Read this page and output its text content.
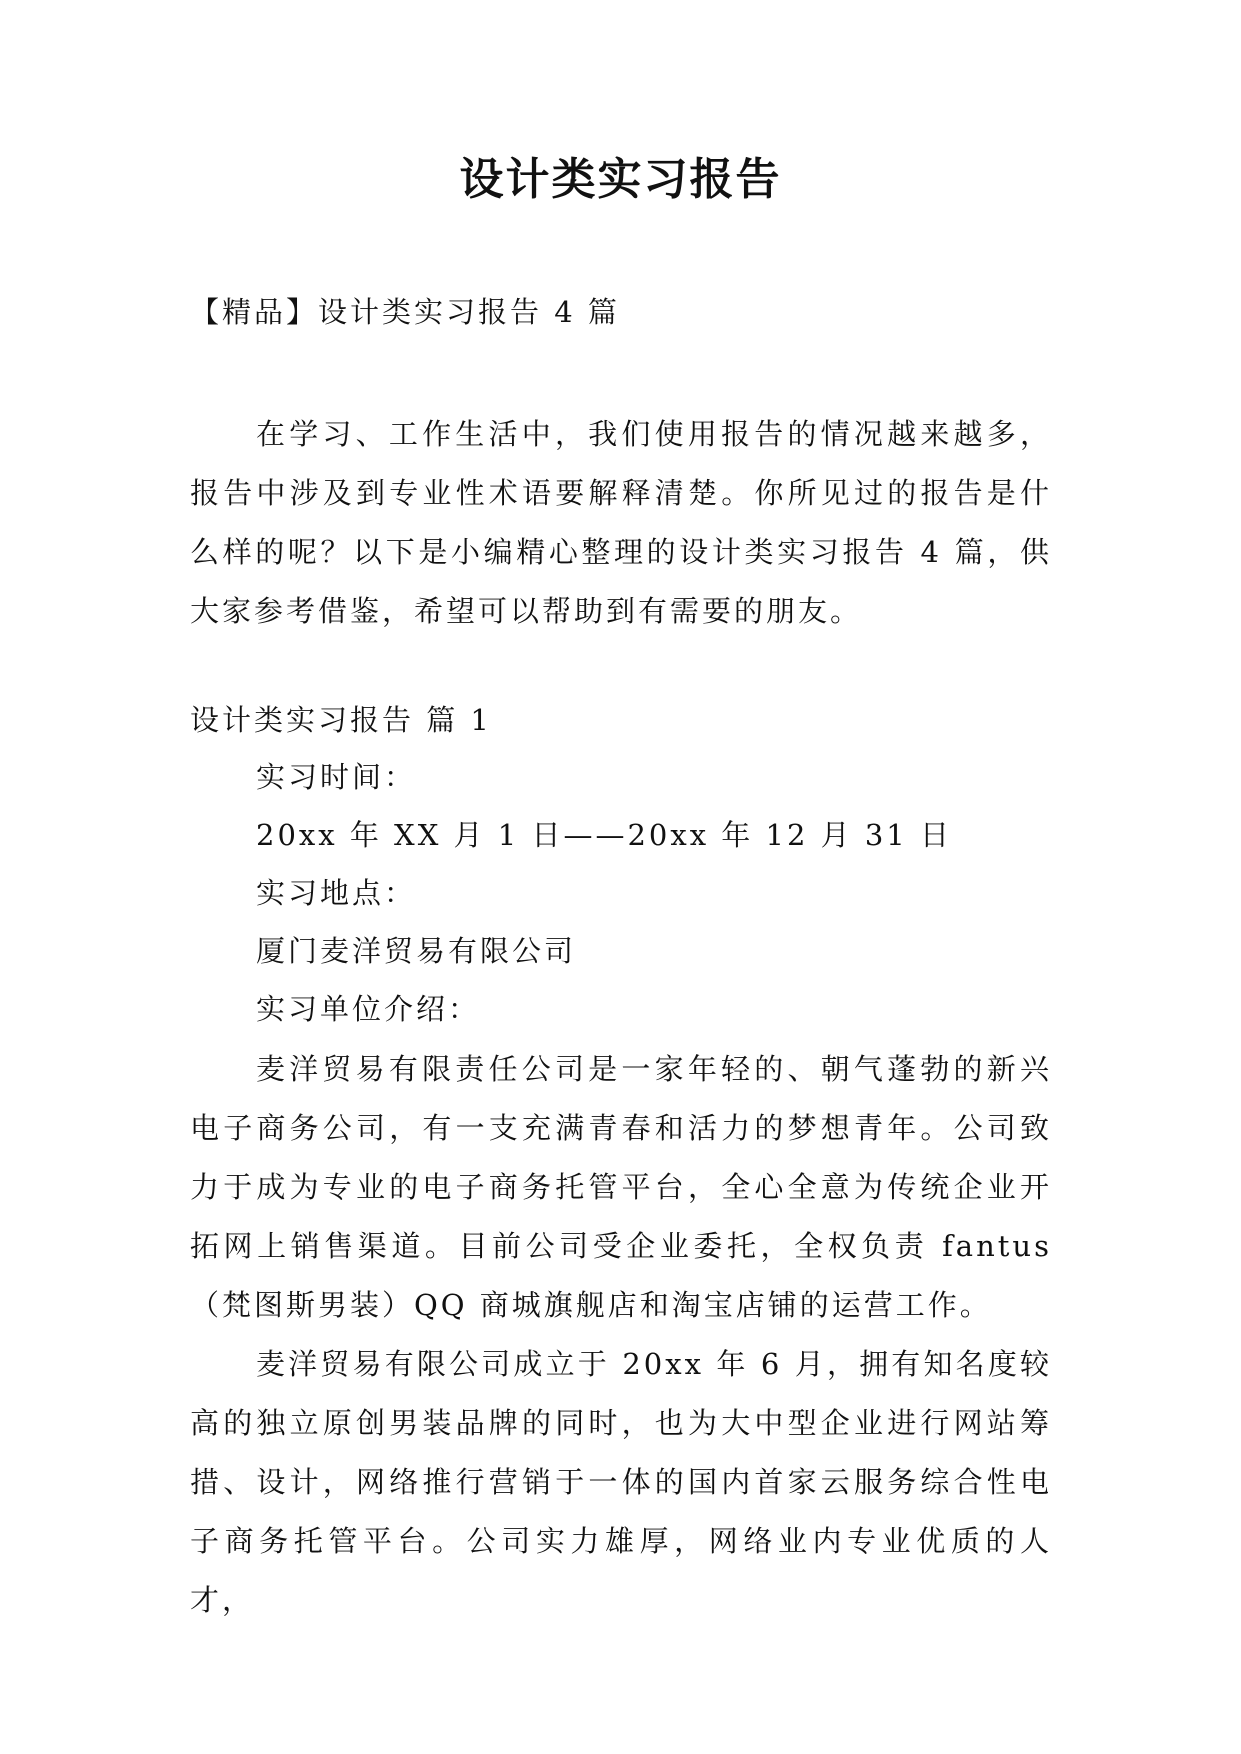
设计类实习报告
【精品】设计类实习报告 4 篇
在学习、工作生活中，我们使用报告的情况越来越多，报告中涉及到专业性术语要解释清楚。你所见过的报告是什么样的呢？以下是小编精心整理的设计类实习报告 4 篇，供大家参考借鉴，希望可以帮助到有需要的朋友。
设计类实习报告 篇 1
实习时间：
20xx 年 XX 月 1 日——20xx 年 12 月 31 日
实习地点：
厦门麦洋贸易有限公司
实习单位介绍：
麦洋贸易有限责任公司是一家年轻的、朝气蓬勃的新兴电子商务公司，有一支充满青春和活力的梦想青年。公司致力于成为专业的电子商务托管平台，全心全意为传统企业开拓网上销售渠道。目前公司受企业委托，全权负责 fantus（梵图斯男装）QQ 商城旗舰店和淘宝店铺的运营工作。
麦洋贸易有限公司成立于 20xx 年 6 月，拥有知名度较高的独立原创男装品牌的同时，也为大中型企业进行网站筹措、设计，网络推行营销于一体的国内首家云服务综合性电子商务托管平台。公司实力雄厚，网络业内专业优质的人才，
